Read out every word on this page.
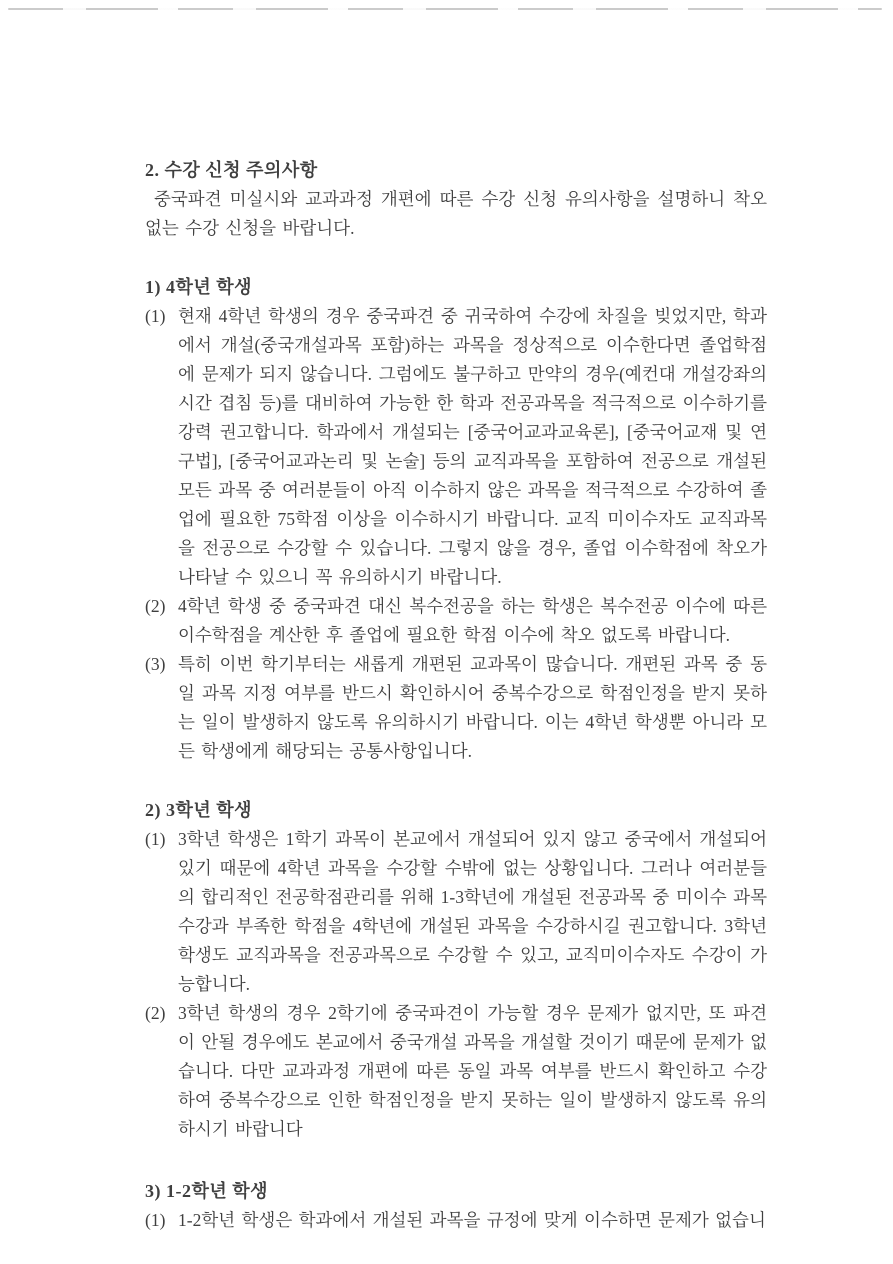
2. 수강 신청 주의사항

중국파견 미실시와 교과과정 개편에 따른 수강 신청 유의사항을 설명하니 착오 없는 수강 신청을 바랍니다.

1) 4학년 학생

(1) 현재 4학년 학생의 경우 중국파견 중 귀국하여 수강에 차질을 빚었지만, 학과에서 개설(중국개설과목 포함)하는 과목을 정상적으로 이수한다면 졸업학점에 문제가 되지 않습니다. 그럼에도 불구하고 만약의 경우(예컨대 개설강좌의 시간 겹침 등)를 대비하여 가능한 한 학과 전공과목을 적극적으로 이수하기를 강력 권고합니다. 학과에서 개설되는 [중국어교과교육론], [중국어교재 및 연구법], [중국어교과논리 및 논술] 등의 교직과목을 포함하여 전공으로 개설된 모든 과목 중 여러분들이 아직 이수하지 않은 과목을 적극적으로 수강하여 졸업에 필요한 75학점 이상을 이수하시기 바랍니다. 교직 미이수자도 교직과목을 전공으로 수강할 수 있습니다. 그렇지 않을 경우, 졸업 이수학점에 착오가 나타날 수 있으니 꼭 유의하시기 바랍니다.

(2) 4학년 학생 중 중국파견 대신 복수전공을 하는 학생은 복수전공 이수에 따른 이수학점을 계산한 후 졸업에 필요한 학점 이수에 착오 없도록 바랍니다.

(3) 특히 이번 학기부터는 새롭게 개편된 교과목이 많습니다. 개편된 과목 중 동일 과목 지정 여부를 반드시 확인하시어 중복수강으로 학점인정을 받지 못하는 일이 발생하지 않도록 유의하시기 바랍니다. 이는 4학년 학생뿐 아니라 모든 학생에게 해당되는 공통사항입니다.

2) 3학년 학생

(1) 3학년 학생은 1학기 과목이 본교에서 개설되어 있지 않고 중국에서 개설되어 있기 때문에 4학년 과목을 수강할 수밖에 없는 상황입니다. 그러나 여러분들의 합리적인 전공학점관리를 위해 1-3학년에 개설된 전공과목 중 미이수 과목 수강과 부족한 학점을 4학년에 개설된 과목을 수강하시길 권고합니다. 3학년 학생도 교직과목을 전공과목으로 수강할 수 있고, 교직미이수자도 수강이 가능합니다.

(2) 3학년 학생의 경우 2학기에 중국파견이 가능할 경우 문제가 없지만, 또 파견이 안될 경우에도 본교에서 중국개설 과목을 개설할 것이기 때문에 문제가 없습니다. 다만 교과과정 개편에 따른 동일 과목 여부를 반드시 확인하고 수강하여 중복수강으로 인한 학점인정을 받지 못하는 일이 발생하지 않도록 유의하시기 바랍니다

3) 1-2학년 학생

(1) 1-2학년 학생은 학과에서 개설된 과목을 규정에 맞게 이수하면 문제가 없습니
